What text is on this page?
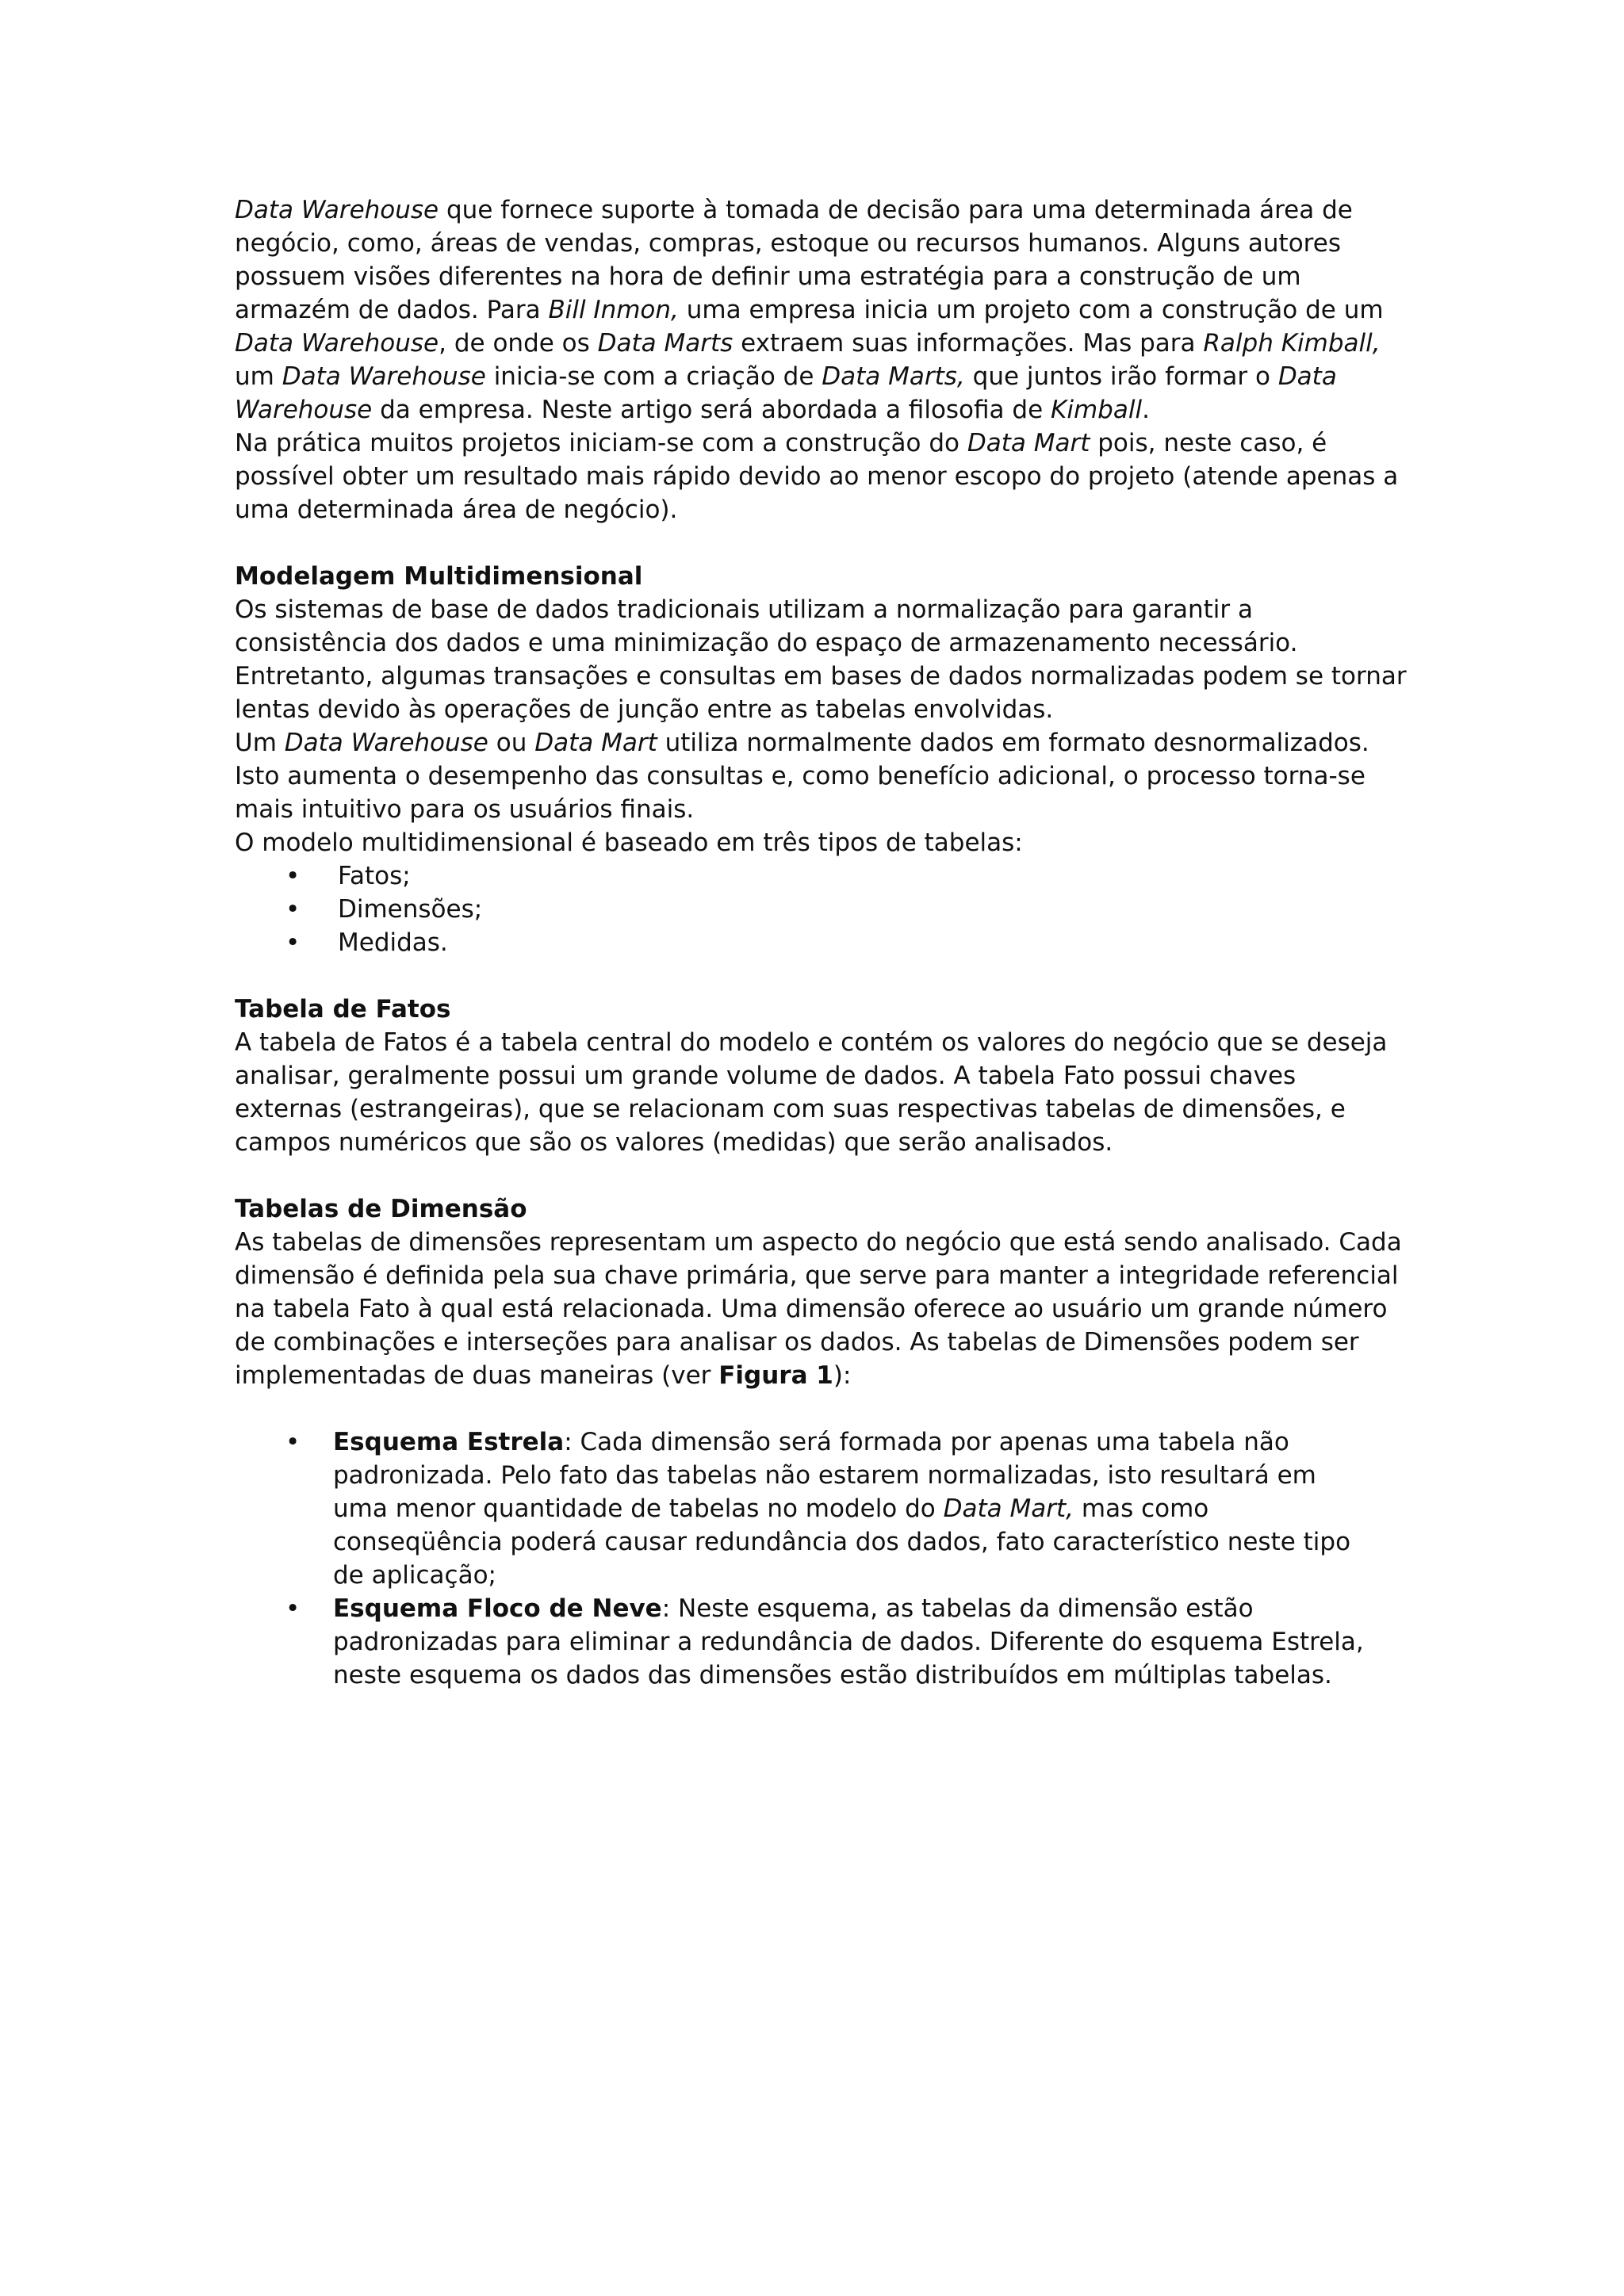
Data Warehouse que fornece suporte à tomada de decisão para uma determinada área de negócio, como, áreas de vendas, compras, estoque ou recursos humanos. Alguns autores possuem visões diferentes na hora de definir uma estratégia para a construção de um armazém de dados. Para Bill Inmon, uma empresa inicia um projeto com a construção de um Data Warehouse, de onde os Data Marts extraem suas informações. Mas para Ralph Kimball, um Data Warehouse inicia-se com a criação de Data Marts, que juntos irão formar o Data Warehouse da empresa. Neste artigo será abordada a filosofia de Kimball.

Na prática muitos projetos iniciam-se com a construção do Data Mart pois, neste caso, é possível obter um resultado mais rápido devido ao menor escopo do projeto (atende apenas a uma determinada área de negócio).

Modelagem Multidimensional

Os sistemas de base de dados tradicionais utilizam a normalização para garantir a consistência dos dados e uma minimização do espaço de armazenamento necessário.

Entretanto, algumas transações e consultas em bases de dados normalizadas podem se tornar lentas devido às operações de junção entre as tabelas envolvidas.

Um Data Warehouse ou Data Mart utiliza normalmente dados em formato desnormalizados. Isto aumenta o desempenho das consultas e, como benefício adicional, o processo torna-se mais intuitivo para os usuários finais.

O modelo multidimensional é baseado em três tipos de tabelas:

• Fatos;
• Dimensões;
• Medidas.
Tabela de Fatos

A tabela de Fatos é a tabela central do modelo e contém os valores do negócio que se deseja analisar, geralmente possui um grande volume de dados. A tabela Fato possui chaves externas (estrangeiras), que se relacionam com suas respectivas tabelas de dimensões, e campos numéricos que são os valores (medidas) que serão analisados.

Tabelas de Dimensão

As tabelas de dimensões representam um aspecto do negócio que está sendo analisado. Cada dimensão é definida pela sua chave primária, que serve para manter a integridade referencial na tabela Fato à qual está relacionada. Uma dimensão oferece ao usuário um grande número de combinações e interseções para analisar os dados. As tabelas de Dimensões podem ser implementadas de duas maneiras (ver Figura 1):

• Esquema Estrela: Cada dimensão será formada por apenas uma tabela não padronizada. Pelo fato das tabelas não estarem normalizadas, isto resultará em uma menor quantidade de tabelas no modelo do Data Mart, mas como conseqüência poderá causar redundância dos dados, fato característico neste tipo de aplicação;
• Esquema Floco de Neve: Neste esquema, as tabelas da dimensão estão padronizadas para eliminar a redundância de dados. Diferente do esquema Estrela, neste esquema os dados das dimensões estão distribuídos em múltiplas tabelas.
